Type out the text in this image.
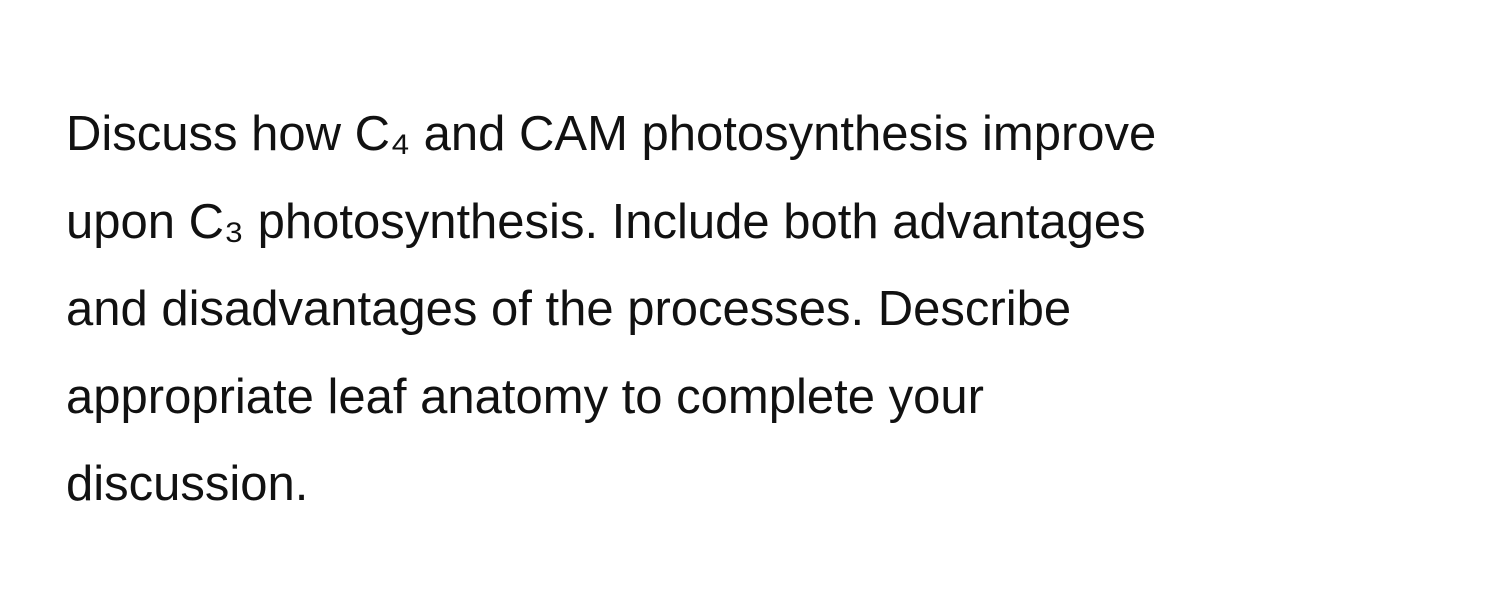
Discuss how C₄ and CAM photosynthesis improve
upon C₃ photosynthesis. Include both advantages
and disadvantages of the processes. Describe
appropriate leaf anatomy to complete your
discussion.
